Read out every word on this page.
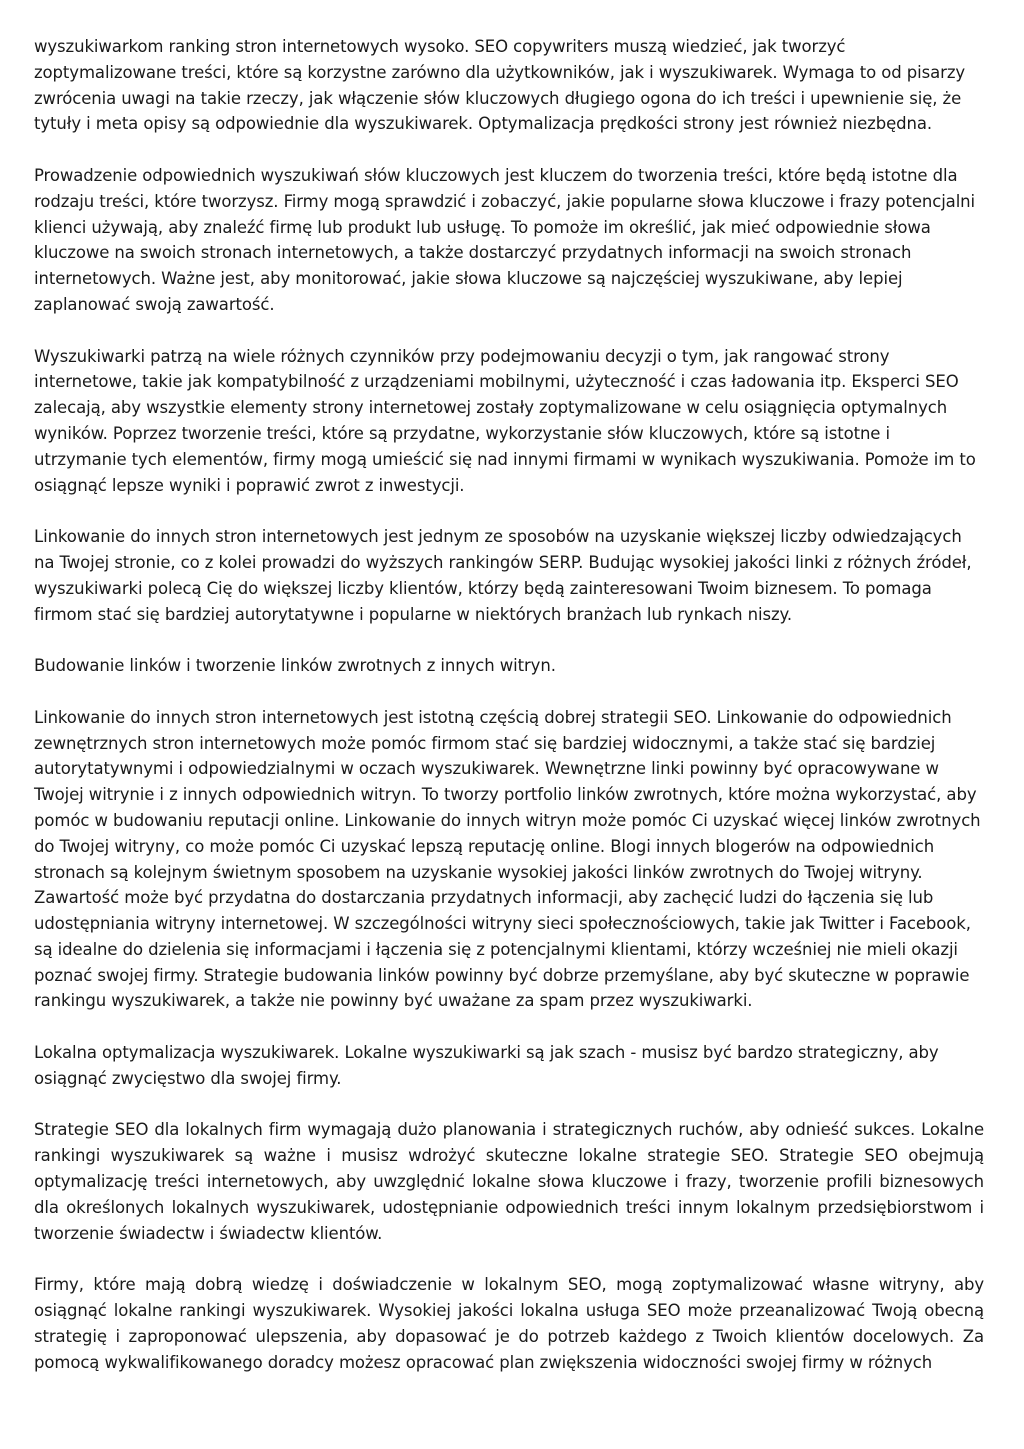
wyszukiwarkom ranking stron internetowych wysoko. SEO copywriters muszą wiedzieć, jak tworzyć zoptymalizowane treści, które są korzystne zarówno dla użytkowników, jak i wyszukiwarek. Wymaga to od pisarzy zwrócenia uwagi na takie rzeczy, jak włączenie słów kluczowych długiego ogona do ich treści i upewnienie się, że tytuły i meta opisy są odpowiednie dla wyszukiwarek. Optymalizacja prędkości strony jest również niezbędna.

Prowadzenie odpowiednich wyszukiwań słów kluczowych jest kluczem do tworzenia treści, które będą istotne dla rodzaju treści, które tworzysz. Firmy mogą sprawdzić i zobaczyć, jakie popularne słowa kluczowe i frazy potencjalni klienci używają, aby znaleźć firmę lub produkt lub usługę. To pomoże im określić, jak mieć odpowiednie słowa kluczowe na swoich stronach internetowych, a także dostarczyć przydatnych informacji na swoich stronach internetowych. Ważne jest, aby monitorować, jakie słowa kluczowe są najczęściej wyszukiwane, aby lepiej zaplanować swoją zawartość.

Wyszukiwarki patrzą na wiele różnych czynników przy podejmowaniu decyzji o tym, jak rangować strony internetowe, takie jak kompatybilność z urządzeniami mobilnymi, użyteczność i czas ładowania itp. Eksperci SEO zalecają, aby wszystkie elementy strony internetowej zostały zoptymalizowane w celu osiągnięcia optymalnych wyników. Poprzez tworzenie treści, które są przydatne, wykorzystanie słów kluczowych, które są istotne i utrzymanie tych elementów, firmy mogą umieścić się nad innymi firmami w wynikach wyszukiwania. Pomoże im to osiągnąć lepsze wyniki i poprawić zwrot z inwestycji.

Linkowanie do innych stron internetowych jest jednym ze sposobów na uzyskanie większej liczby odwiedzających na Twojej stronie, co z kolei prowadzi do wyższych rankingów SERP. Budując wysokiej jakości linki z różnych źródeł, wyszukiwarki polecą Cię do większej liczby klientów, którzy będą zainteresowani Twoim biznesem. To pomaga firmom stać się bardziej autorytatywne i popularne w niektórych branżach lub rynkach niszy.

Budowanie linków i tworzenie linków zwrotnych z innych witryn.

Linkowanie do innych stron internetowych jest istotną częścią dobrej strategii SEO. Linkowanie do odpowiednich zewnętrznych stron internetowych może pomóc firmom stać się bardziej widocznymi, a także stać się bardziej autorytatywnymi i odpowiedzialnymi w oczach wyszukiwarek. Wewnętrzne linki powinny być opracowywane w Twojej witrynie i z innych odpowiednich witryn. To tworzy portfolio linków zwrotnych, które można wykorzystać, aby pomóc w budowaniu reputacji online. Linkowanie do innych witryn może pomóc Ci uzyskać więcej linków zwrotnych do Twojej witryny, co może pomóc Ci uzyskać lepszą reputację online. Blogi innych blogerów na odpowiednich stronach są kolejnym świetnym sposobem na uzyskanie wysokiej jakości linków zwrotnych do Twojej witryny. Zawartość może być przydatna do dostarczania przydatnych informacji, aby zachęcić ludzi do łączenia się lub udostępniania witryny internetowej. W szczególności witryny sieci społecznościowych, takie jak Twitter i Facebook, są idealne do dzielenia się informacjami i łączenia się z potencjalnymi klientami, którzy wcześniej nie mieli okazji poznać swojej firmy. Strategie budowania linków powinny być dobrze przemyślane, aby być skuteczne w poprawie rankingu wyszukiwarek, a także nie powinny być uważane za spam przez wyszukiwarki.

Lokalna optymalizacja wyszukiwarek. Lokalne wyszukiwarki są jak szach - musisz być bardzo strategiczny, aby osiągnąć zwycięstwo dla swojej firmy.

Strategie SEO dla lokalnych firm wymagają dużo planowania i strategicznych ruchów, aby odnieść sukces. Lokalne rankingi wyszukiwarek są ważne i musisz wdrożyć skuteczne lokalne strategie SEO. Strategie SEO obejmują optymalizację treści internetowych, aby uwzględnić lokalne słowa kluczowe i frazy, tworzenie profili biznesowych dla określonych lokalnych wyszukiwarek, udostępnianie odpowiednich treści innym lokalnym przedsiębiorstwom i tworzenie świadectw i świadectw klientów.

Firmy, które mają dobrą wiedzę i doświadczenie w lokalnym SEO, mogą zoptymalizować własne witryny, aby osiągnąć lokalne rankingi wyszukiwarek. Wysokiej jakości lokalna usługa SEO może przeanalizować Twoją obecną strategię i zaproponować ulepszenia, aby dopasować je do potrzeb każdego z Twoich klientów docelowych. Za pomocą wykwalifikowanego doradcy możesz opracować plan zwiększenia widoczności swojej firmy w różnych
